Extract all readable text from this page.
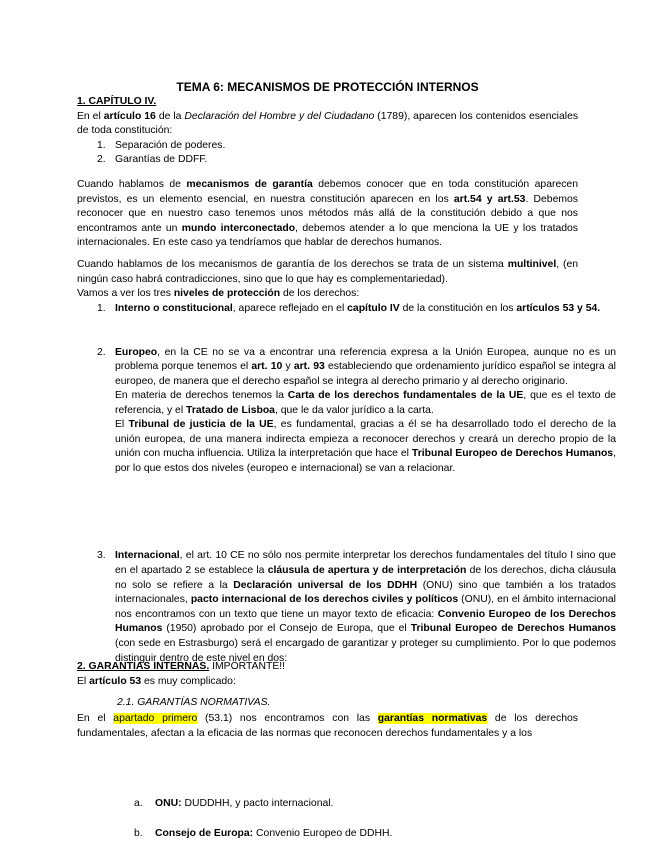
TEMA 6: MECANISMOS DE PROTECCIÓN INTERNOS
1. CAPÍTULO IV.
En el artículo 16 de la Declaración del Hombre y del Ciudadano (1789), aparecen los contenidos esenciales de toda constitución:
1. Separación de poderes.
2. Garantías de DDFF.
Cuando hablamos de mecanismos de garantía debemos conocer que en toda constitución aparecen previstos, es un elemento esencial, en nuestra constitución aparecen en los art.54 y art.53. Debemos reconocer que en nuestro caso tenemos unos métodos más allá de la constitución debido a que nos encontramos ante un mundo interconectado, debemos atender a lo que menciona la UE y los tratados internacionales. En este caso ya tendríamos que hablar de derechos humanos.
Cuando hablamos de los mecanismos de garantía de los derechos se trata de un sistema multinivel, (en ningún caso habrá contradicciones, sino que lo que hay es complementariedad).
Vamos a ver los tres niveles de protección de los derechos:
1. Interno o constitucional, aparece reflejado en el capítulo IV de la constitución en los artículos 53 y 54.
2. Europeo, en la CE no se va a encontrar una referencia expresa a la Unión Europea, aunque no es un problema porque tenemos el art. 10 y art. 93 estableciendo que ordenamiento jurídico español se integra al europeo, de manera que el derecho español se integra al derecho primario y al derecho originario.
En materia de derechos tenemos la Carta de los derechos fundamentales de la UE, que es el texto de referencia, y el Tratado de Lisboa, que le da valor jurídico a la carta.
El Tribunal de justicia de la UE, es fundamental, gracias a él se ha desarrollado todo el derecho de la unión europea, de una manera indirecta empieza a reconocer derechos y creará un derecho propio de la unión con mucha influencia. Utiliza la interpretación que hace el Tribunal Europeo de Derechos Humanos, por lo que estos dos niveles (europeo e internacional) se van a relacionar.
3. Internacional, el art. 10 CE no sólo nos permite interpretar los derechos fundamentales del título I sino que en el apartado 2 se establece la cláusula de apertura y de interpretación de los derechos, dicha cláusula no solo se refiere a la Declaración universal de los DDHH (ONU) sino que también a los tratados internacionales, pacto internacional de los derechos civiles y políticos (ONU), en el ámbito internacional nos encontramos con un texto que tiene un mayor texto de eficacia: Convenio Europeo de los Derechos Humanos (1950) aprobado por el Consejo de Europa, que el Tribunal Europeo de Derechos Humanos (con sede en Estrasburgo) será el encargado de garantizar y proteger su cumplimiento. Por lo que podemos distinguir dentro de este nivel en dos:
a. ONU: DUDDHH, y pacto internacional.
b. Consejo de Europa: Convenio Europeo de DDHH.
2. GARANTÍAS INTERNAS. IMPORTANTE!!
El artículo 53 es muy complicado:
2.1. GARANTÍAS NORMATIVAS.
En el apartado primero (53.1) nos encontramos con las garantías normativas de los derechos fundamentales, afectan a la eficacia de las normas que reconocen derechos fundamentales y a los
